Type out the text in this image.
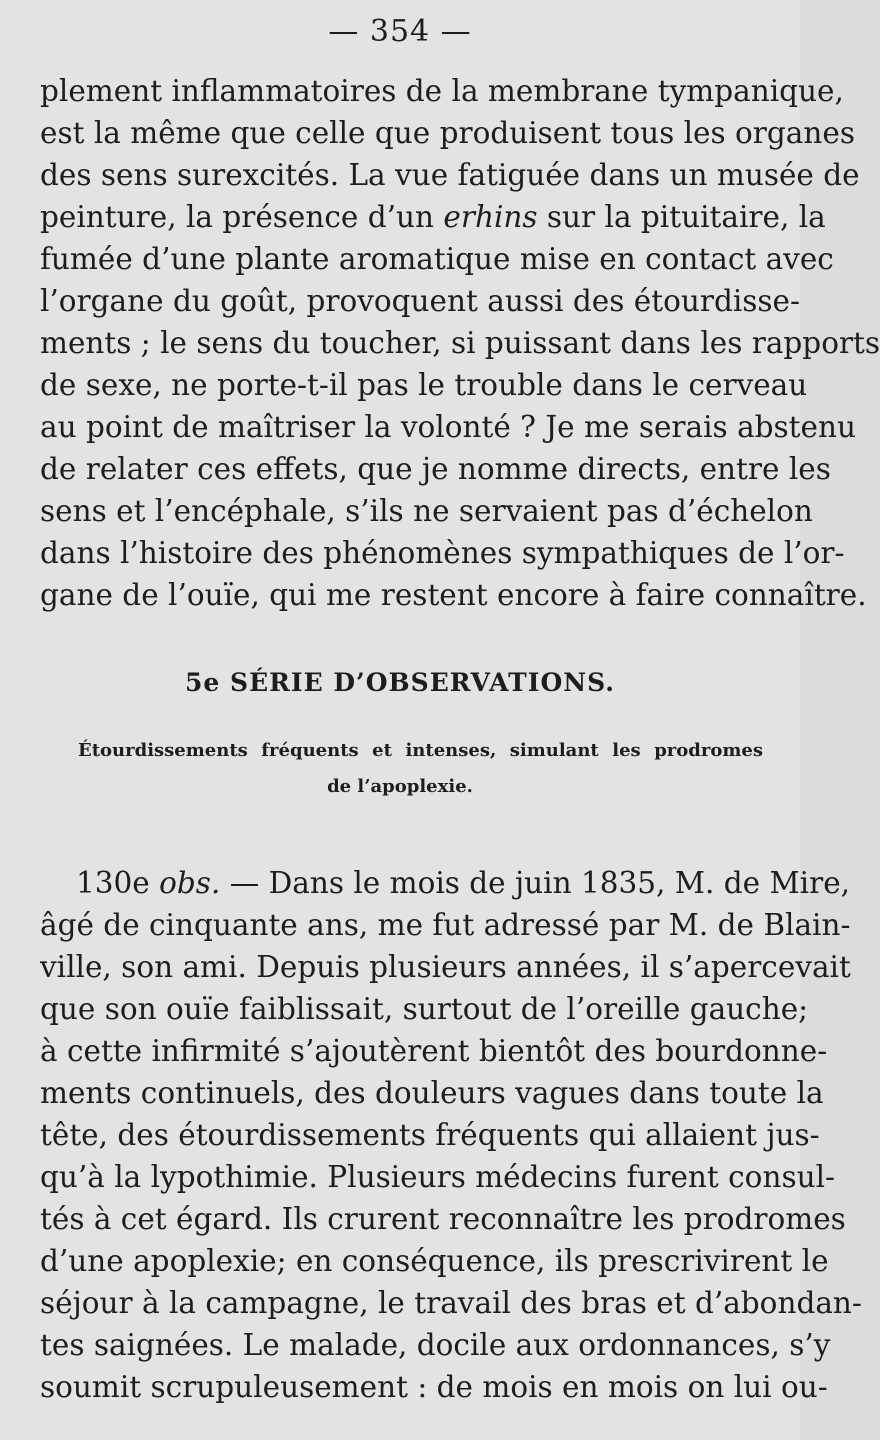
— 354 —
plement inflammatoires de la membrane tympanique,
est la même que celle que produisent tous les organes
des sens surexcités. La vue fatiguée dans un musée de
peinture, la présence d’un erhins sur la pituitaire, la
fumée d’une plante aromatique mise en contact avec
l’organe du goût, provoquent aussi des étourdisse-
ments ; le sens du toucher, si puissant dans les rapports
de sexe, ne porte-t-il pas le trouble dans le cerveau
au point de maîtriser la volonté ? Je me serais abstenu
de relater ces effets, que je nomme directs, entre les
sens et l’encéphale, s’ils ne servaient pas d’échelon
dans l’histoire des phénomènes sympathiques de l’or-
gane de l’ouïe, qui me restent encore à faire connaître.
5e SÉRIE D’OBSERVATIONS.
Étourdissements fréquents et intenses, simulant les prodromes
de l’apoplexie.
130e obs. — Dans le mois de juin 1835, M. de Mire,
âgé de cinquante ans, me fut adressé par M. de Blain-
ville, son ami. Depuis plusieurs années, il s’apercevait
que son ouïe faiblissait, surtout de l’oreille gauche;
à cette infirmité s’ajoutèrent bientôt des bourdonne-
ments continuels, des douleurs vagues dans toute la
tête, des étourdissements fréquents qui allaient jus-
qu’à la lypothimie. Plusieurs médecins furent consul-
tés à cet égard. Ils crurent reconnaître les prodromes
d’une apoplexie; en conséquence, ils prescrivirent le
séjour à la campagne, le travail des bras et d’abondan-
tes saignées. Le malade, docile aux ordonnances, s’y
soumit scrupuleusement : de mois en mois on lui ou-
